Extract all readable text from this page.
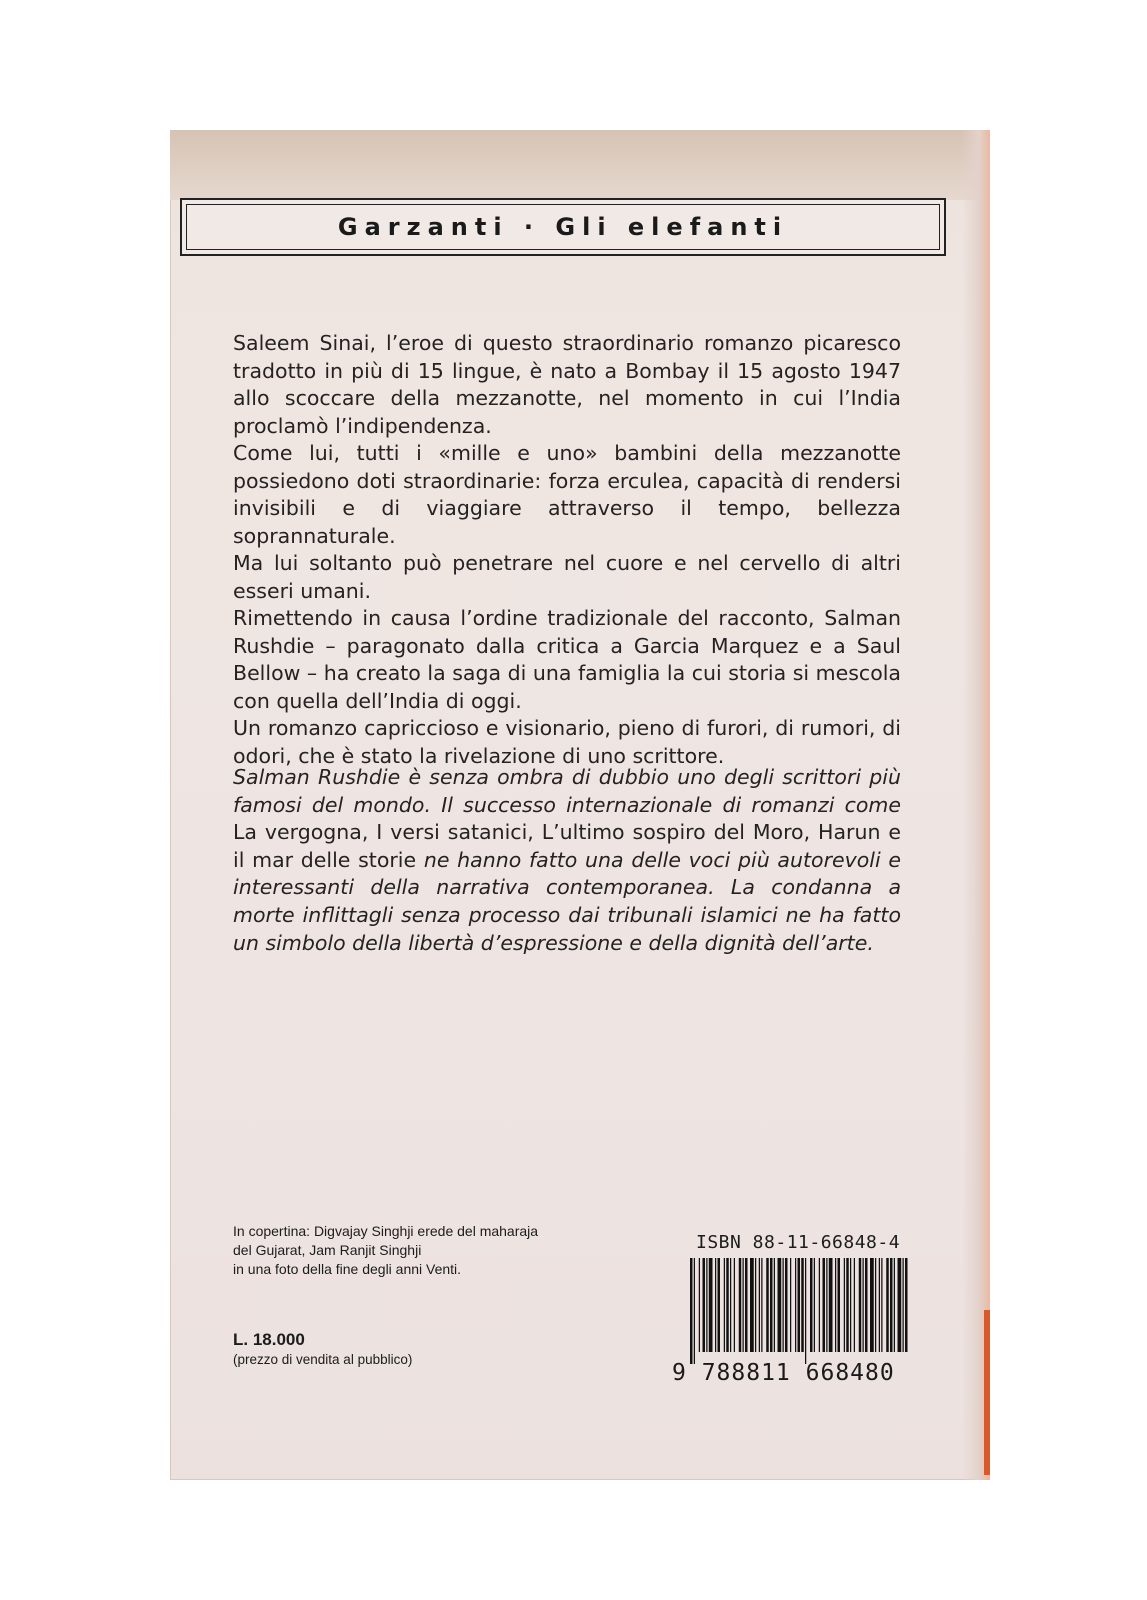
Garzanti · Gli elefanti

Saleem Sinai, l’eroe di questo straordinario romanzo picaresco tradotto in più di 15 lingue, è nato a Bombay il 15 agosto 1947 allo scoccare della mezzanotte, nel momento in cui l’India proclamò l’indipendenza.

Come lui, tutti i «mille e uno» bambini della mezzanotte possiedono doti straordinarie: forza erculea, capacità di rendersi invisibili e di viaggiare attraverso il tempo, bellezza soprannaturale.

Ma lui soltanto può penetrare nel cuore e nel cervello di altri esseri umani.

Rimettendo in causa l’ordine tradizionale del racconto, Salman Rushdie – paragonato dalla critica a Garcia Marquez e a Saul Bellow – ha creato la saga di una famiglia la cui storia si mescola con quella dell’India di oggi.

Un romanzo capriccioso e visionario, pieno di furori, di rumori, di odori, che è stato la rivelazione di uno scrittore.

Salman Rushdie è senza ombra di dubbio uno degli scrittori più famosi del mondo. Il successo internazionale di romanzi come La vergogna, I versi satanici, L’ultimo sospiro del Moro, Harun e il mar delle storie ne hanno fatto una delle voci più autorevoli e interessanti della narrativa contemporanea. La condanna a morte inflittagli senza processo dai tribunali islamici ne ha fatto un simbolo della libertà d’espressione e della dignità dell’arte.
In copertina: Digvajay Singhji erede del maharaja
del Gujarat, Jam Ranjit Singhji
in una foto della fine degli anni Venti.
L. 18.000
(prezzo di vendita al pubblico)
ISBN 88-11-66848-4
9 788811 668480
